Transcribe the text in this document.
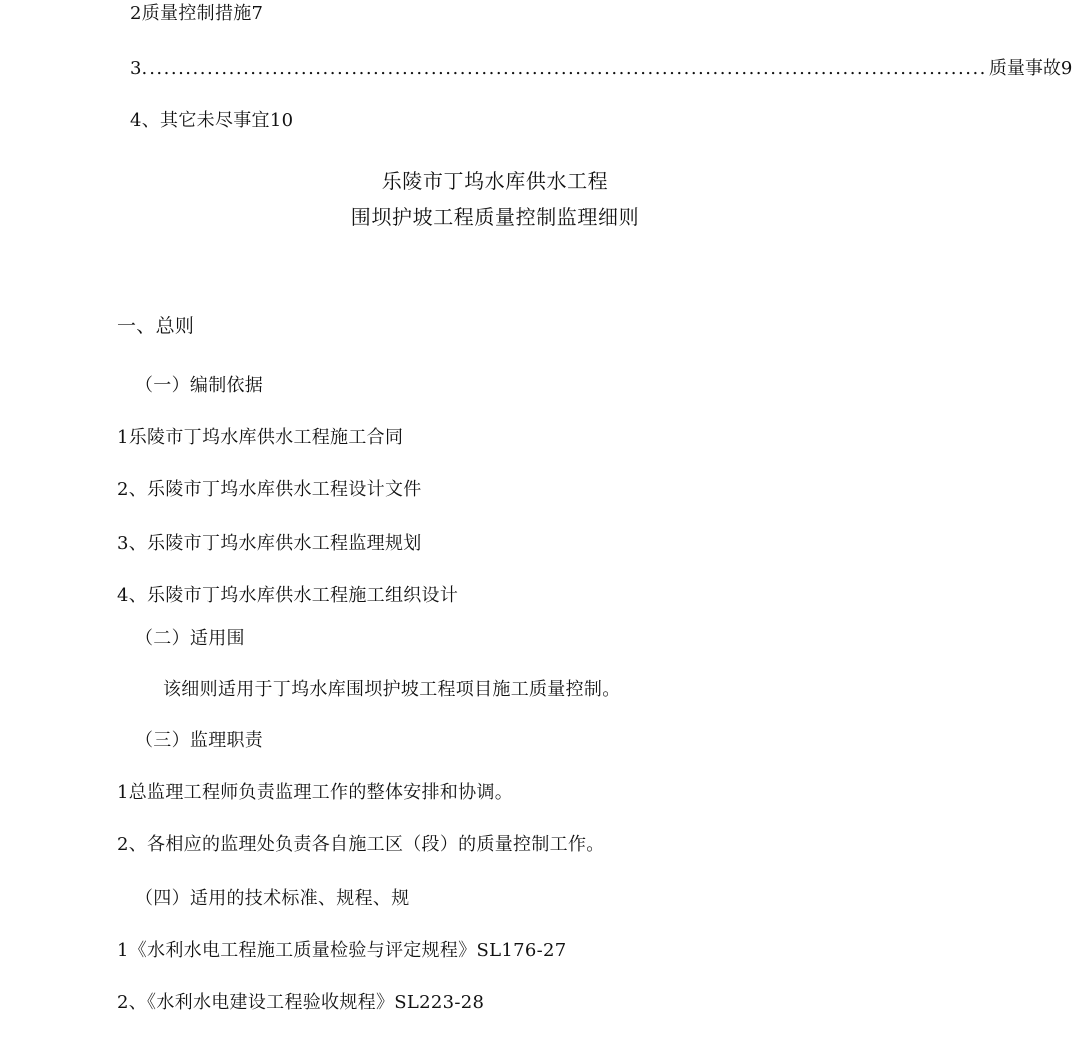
2质量控制措施7
3. .................................................................................................................... 质量事故9
4、其它未尽事宜10
乐陵市丁坞水库供水工程
围坝护坡工程质量控制监理细则
一、总则
（一）编制依据
1乐陵市丁坞水库供水工程施工合同
2、乐陵市丁坞水库供水工程设计文件
3、乐陵市丁坞水库供水工程监理规划
4、乐陵市丁坞水库供水工程施工组织设计
（二）适用围
该细则适用于丁坞水库围坝护坡工程项目施工质量控制。
（三）监理职责
1总监理工程师负责监理工作的整体安排和协调。
2、各相应的监理处负责各自施工区（段）的质量控制工作。
（四）适用的技术标准、规程、规
1《水利水电工程施工质量检验与评定规程》SL176-27
2、《水利水电建设工程验收规程》SL223-28
